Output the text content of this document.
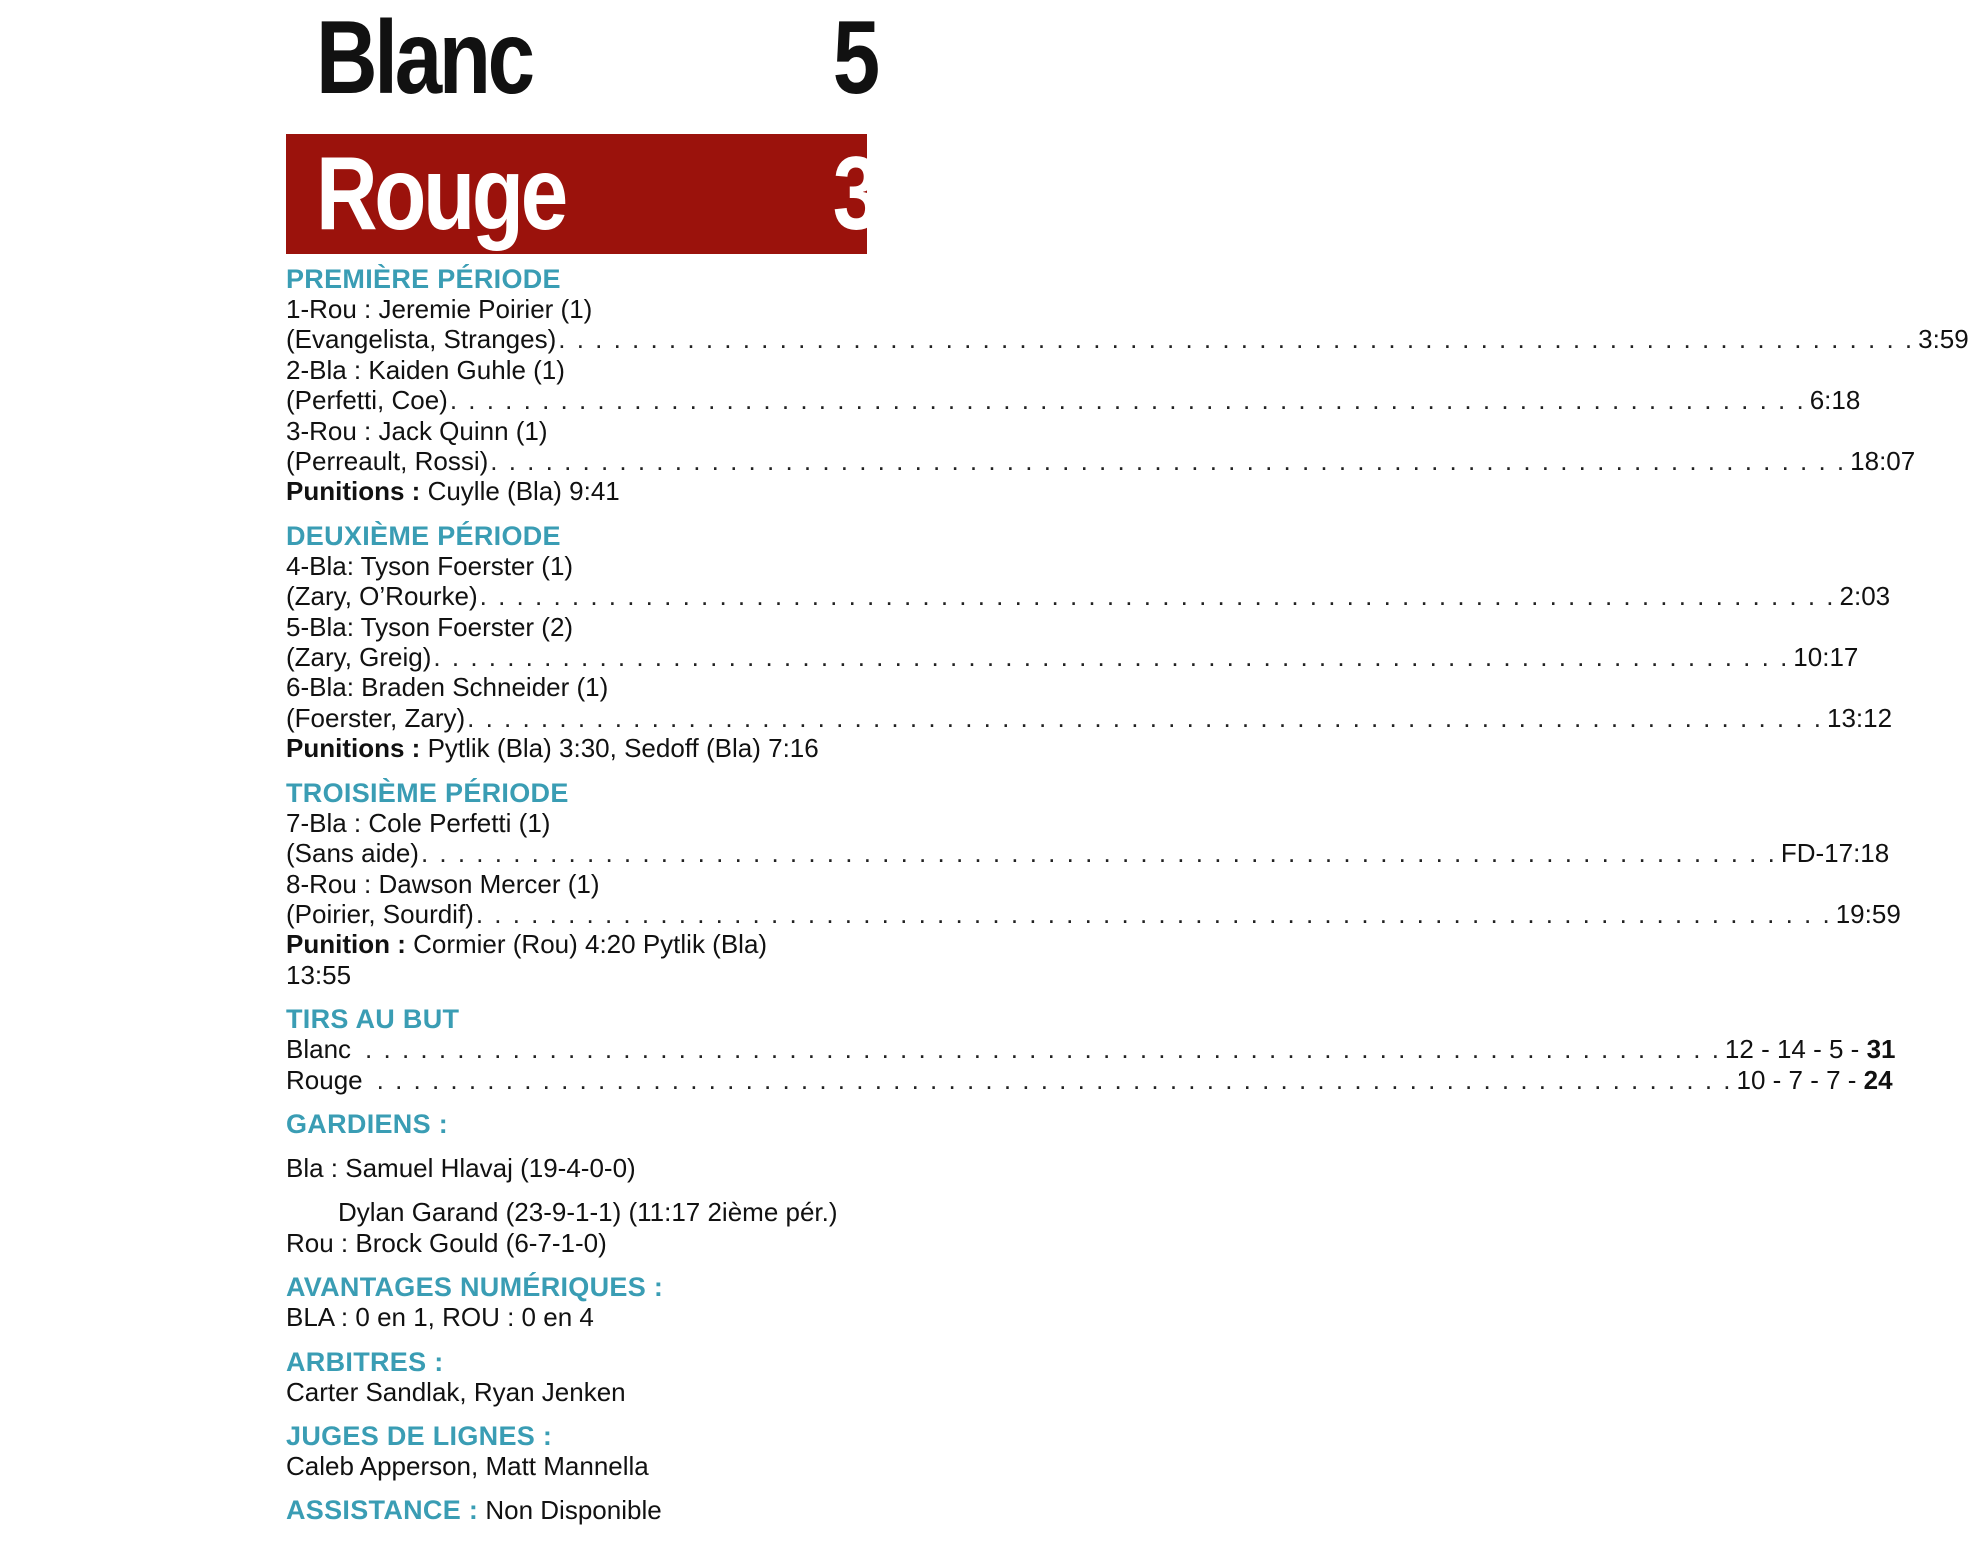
Blanc	5
Rouge	3
PREMIÈRE PÉRIODE
1-Rou : Jeremie Poirier (1)
(Evangelista, Stranges) . . . . . . . . . . . . . . . . . . . . . . . . . . . . . . . . . . . . . . . . . . . . . . . . . . . . . . . . . . . . . . . . . . . . . . . . . . 3:59
2-Bla : Kaiden Guhle (1)
(Perfetti, Coe) . . . . . . . . . . . . . . . . . . . . . . . . . . . . . . . . . . . . . . . . . . . . . . . . . . . . . . . . . . . . . . . . . . . . . . . . . . 6:18
3-Rou : Jack Quinn (1)
(Perreault, Rossi) . . . . . . . . . . . . . . . . . . . . . . . . . . . . . . . . . . . . . . . . . . . . . . . . . . . . . . . . . . . . . . . . . . . . . . . . . . 18:07
Punitions : Cuylle (Bla) 9:41
DEUXIÈME PÉRIODE
4-Bla: Tyson Foerster (1)
(Zary, O’Rourke) . . . . . . . . . . . . . . . . . . . . . . . . . . . . . . . . . . . . . . . . . . . . . . . . . . . . . . . . . . . . . . . . . . . . . . . . . . 2:03
5-Bla: Tyson Foerster (2)
(Zary, Greig) . . . . . . . . . . . . . . . . . . . . . . . . . . . . . . . . . . . . . . . . . . . . . . . . . . . . . . . . . . . . . . . . . . . . . . . . . . 10:17
6-Bla: Braden Schneider (1)
(Foerster, Zary) . . . . . . . . . . . . . . . . . . . . . . . . . . . . . . . . . . . . . . . . . . . . . . . . . . . . . . . . . . . . . . . . . . . . . . . . . . 13:12
Punitions : Pytlik (Bla) 3:30, Sedoff (Bla) 7:16
TROISIÈME PÉRIODE
7-Bla : Cole Perfetti (1)
(Sans aide) . . . . . . . . . . . . . . . . . . . . . . . . . . . . . . . . . . . . . . . . . . . . . . . . . . . . . . . . . . . . . . . . . . . . . . . . . . FD-17:18
8-Rou : Dawson Mercer (1)
(Poirier, Sourdif) . . . . . . . . . . . . . . . . . . . . . . . . . . . . . . . . . . . . . . . . . . . . . . . . . . . . . . . . . . . . . . . . . . . . . . . . . . 19:59
Punition : Cormier (Rou) 4:20 Pytlik (Bla)
13:55
TIRS AU BUT
Blanc . . . . . . . . . . . . . . . . . . . . . . . . . . . . . . . . . . . . . . . . . . . . . . . . . . . . . . . . . . . . . . . . . . . . . . . . . . 12 - 14 - 5 - 31
Rouge . . . . . . . . . . . . . . . . . . . . . . . . . . . . . . . . . . . . . . . . . . . . . . . . . . . . . . . . . . . . . . . . . . . . . . . . . . 10 - 7 - 7 - 24
GARDIENS :
Bla : Samuel Hlavaj (19-4-0-0)
Dylan Garand (23-9-1-1) (11:17 2ième pér.)
Rou : Brock Gould (6-7-1-0)
AVANTAGES NUMÉRIQUES :
BLA : 0 en 1, ROU : 0 en 4
ARBITRES :
Carter Sandlak, Ryan Jenken
JUGES DE LIGNES :
Caleb Apperson, Matt Mannella
ASSISTANCE : Non Disponible
